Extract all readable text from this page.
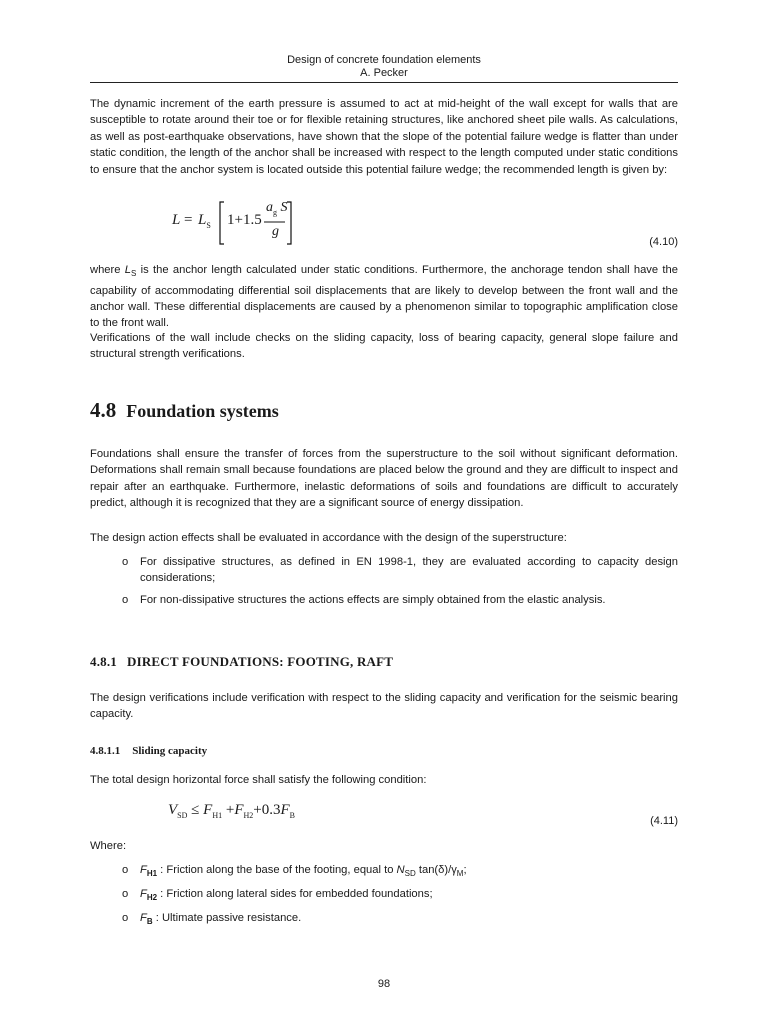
Design of concrete foundation elements
A. Pecker

The dynamic increment of the earth pressure is assumed to act at mid-height of the wall except for walls that are susceptible to rotate around their toe or for flexible retaining structures, like anchored sheet pile walls. As calculations, as well as post-earthquake observations, have shown that the slope of the potential failure wedge is flatter than under static condition, the length of the anchor shall be increased with respect to the length computed under static conditions to ensure that the anchor system is located outside this potential failure wedge; the recommended length is given by:

$L = L_S$ 1+1.5
$a_g$ S
g
(4.10)

where $L_S$ is the anchor length calculated under static conditions. Furthermore, the anchorage tendon shall have the capability of accommodating differential soil displacements that are likely to develop between the front wall and the anchor wall. These differential displacements are caused by a phenomenon similar to topographic amplification close to the front wall.

Verifications of the wall include checks on the sliding capacity, loss of bearing capacity, general slope failure and structural strength verifications.

4.8 Foundation systems

Foundations shall ensure the transfer of forces from the superstructure to the soil without significant deformation. Deformations shall remain small because foundations are placed below the ground and they are difficult to inspect and repair after an earthquake. Furthermore, inelastic deformations of soils and foundations are difficult to accurately predict, although it is recognized that they are a significant source of energy dissipation.

The design action effects shall be evaluated in accordance with the design of the superstructure:

o For dissipative structures, as defined in EN 1998-1, they are evaluated according to capacity design considerations;
o For non-dissipative structures the actions effects are simply obtained from the elastic analysis.
4.8.1 DIRECT FOUNDATIONS: FOOTING, RAFT

The design verifications include verification with respect to the sliding capacity and verification for the seismic bearing capacity.

4.8.1.1 Sliding capacity

The total design horizontal force shall satisfy the following condition:

$V_{SD} \le F_{H1} +F_{H2}+0.3F_B$	(4.11)

Where:

o $F_{H1}$ : Friction along the base of the footing, equal to $N_{SD}$ $\tan(\delta)/\gamma_M$;
o $F_{H2}$ : Friction along lateral sides for embedded foundations;
o $F_B$ : Ultimate passive resistance.
98
